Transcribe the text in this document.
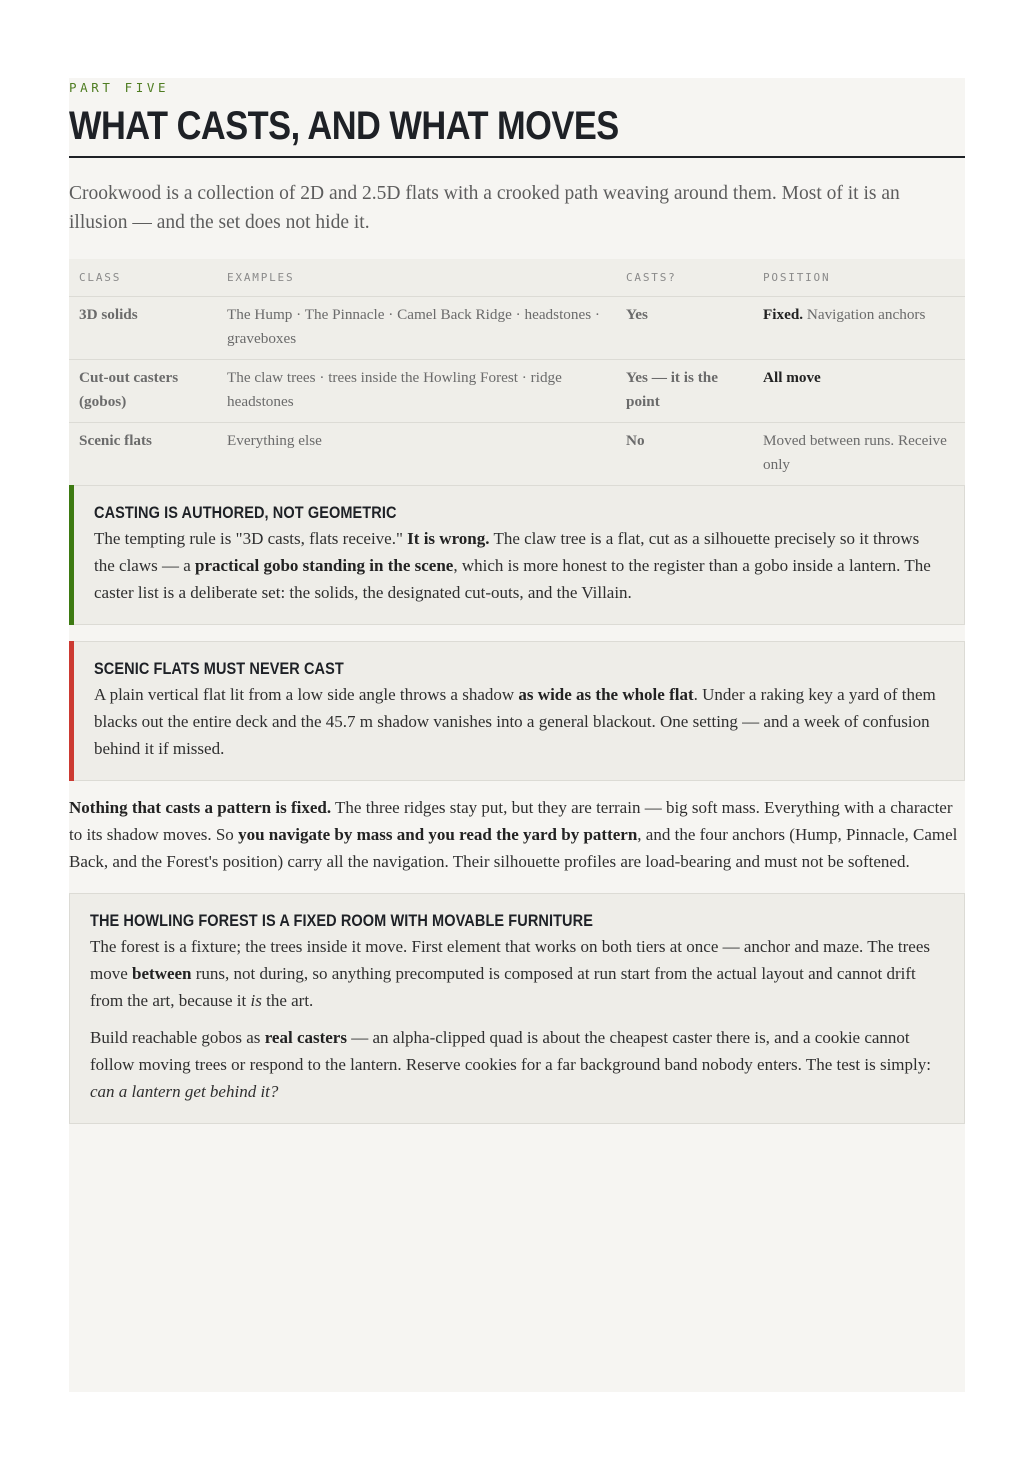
PART FIVE
WHAT CASTS, AND WHAT MOVES

Crookwood is a collection of 2D and 2.5D flats with a crooked path weaving around them. Most of it is an illusion — and the set does not hide it.

CLASS	EXAMPLES	CASTS?	POSITION
3D solids	The Hump · The Pinnacle · Camel Back Ridge · headstones · graveboxes	Yes	Fixed. Navigation anchors
Cut-out casters (gobos)	The claw trees · trees inside the Howling Forest · ridge headstones	Yes — it is the point	All move
Scenic flats	Everything else	No	Moved between runs. Receive only
CASTING IS AUTHORED, NOT GEOMETRIC

The tempting rule is "3D casts, flats receive." It is wrong. The claw tree is a flat, cut as a silhouette precisely so it throws the claws — a practical gobo standing in the scene, which is more honest to the register than a gobo inside a lantern. The caster list is a deliberate set: the solids, the designated cut-outs, and the Villain.

SCENIC FLATS MUST NEVER CAST

A plain vertical flat lit from a low side angle throws a shadow as wide as the whole flat. Under a raking key a yard of them blacks out the entire deck and the 45.7 m shadow vanishes into a general blackout. One setting — and a week of confusion behind it if missed.

Nothing that casts a pattern is fixed. The three ridges stay put, but they are terrain — big soft mass. Everything with a character to its shadow moves. So you navigate by mass and you read the yard by pattern, and the four anchors (Hump, Pinnacle, Camel Back, and the Forest's position) carry all the navigation. Their silhouette profiles are load-bearing and must not be softened.

THE HOWLING FOREST IS A FIXED ROOM WITH MOVABLE FURNITURE

The forest is a fixture; the trees inside it move. First element that works on both tiers at once — anchor and maze. The trees move between runs, not during, so anything precomputed is composed at run start from the actual layout and cannot drift from the art, because it is the art.

Build reachable gobos as real casters — an alpha-clipped quad is about the cheapest caster there is, and a cookie cannot follow moving trees or respond to the lantern. Reserve cookies for a far background band nobody enters. The test is simply: can a lantern get behind it?
